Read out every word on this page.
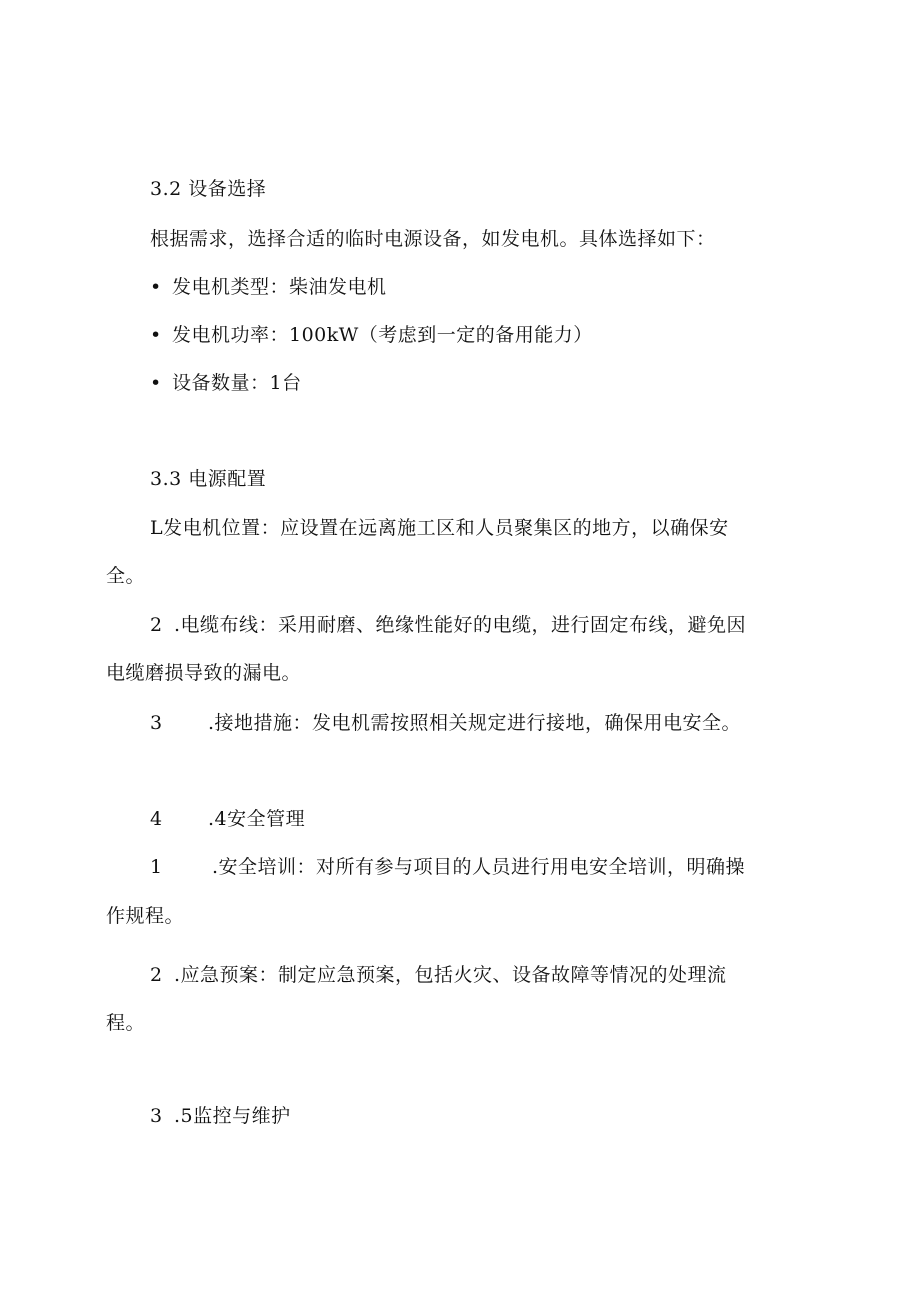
3.2 设备选择
根据需求，选择合适的临时电源设备，如发电机。具体选择如下：
• 发电机类型：柴油发电机
• 发电机功率：100kW（考虑到一定的备用能力）
• 设备数量：1台
3.3 电源配置
L发电机位置：应设置在远离施工区和人员聚集区的地方，以确保安
全。
2 .电缆布线：采用耐磨、绝缘性能好的电缆，进行固定布线，避免因
电缆磨损导致的漏电。
3 .接地措施：发电机需按照相关规定进行接地，确保用电安全。
4 .4安全管理
1	.安全培训：对所有参与项目的人员进行用电安全培训，明确操
作规程。
2 .应急预案：制定应急预案，包括火灾、设备故障等情况的处理流
程。
3 .5监控与维护
